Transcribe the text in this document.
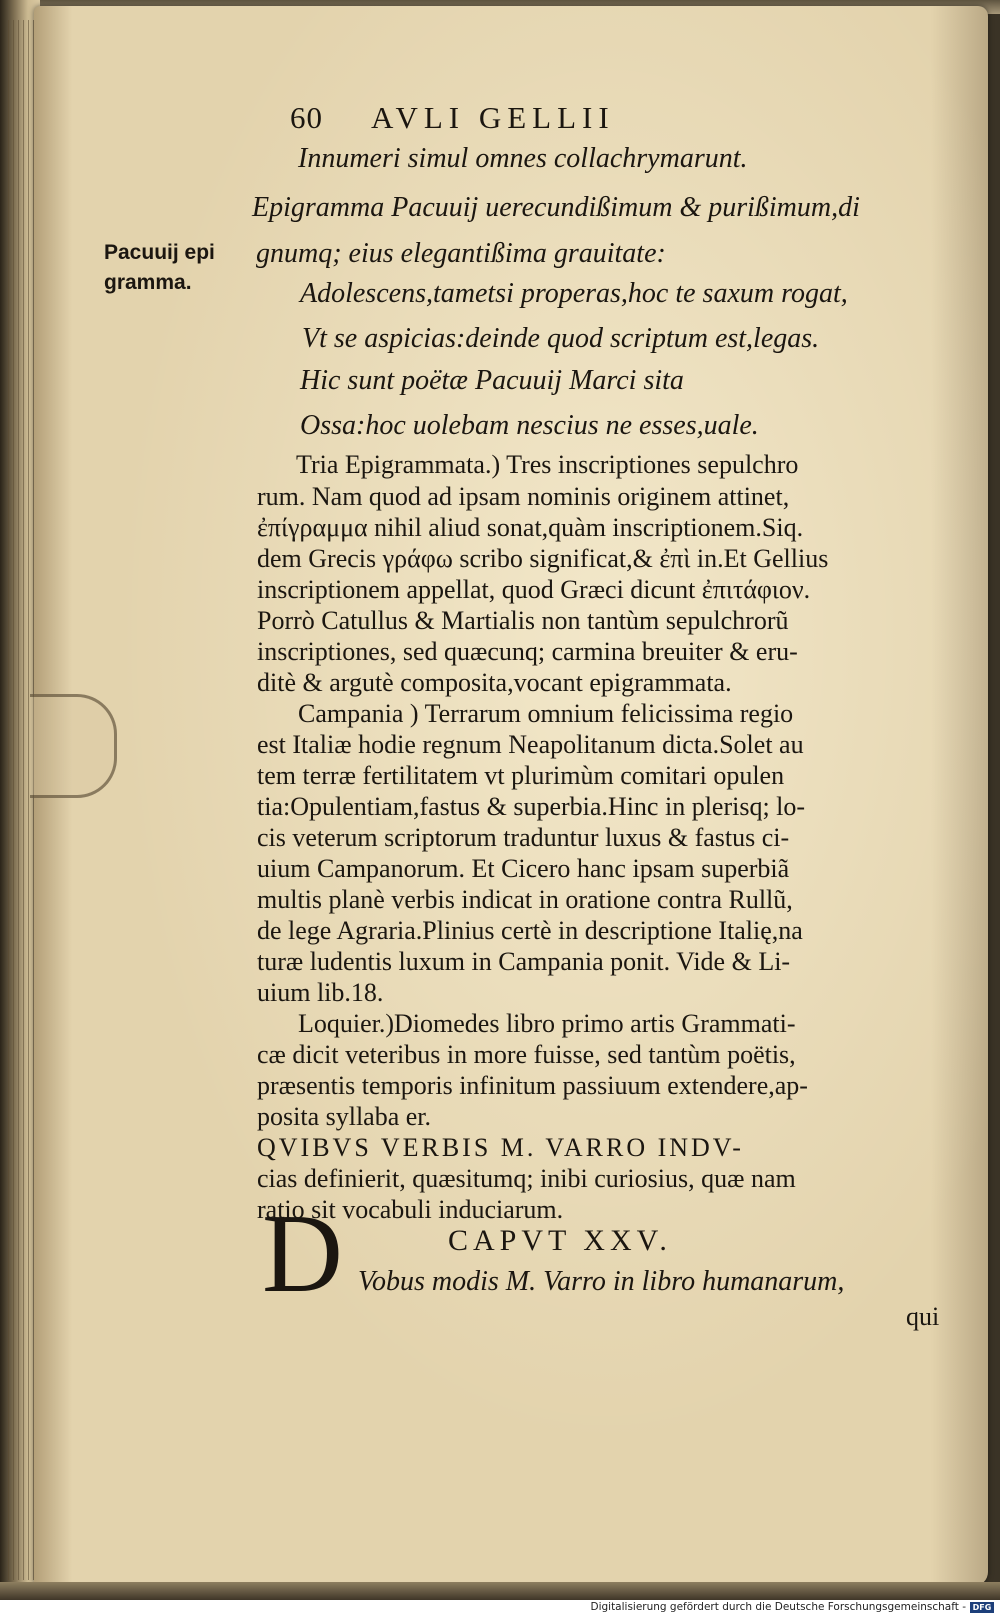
60 AVLI GELLII
Pacuuij epi
gramma.
Innumeri simul omnes collachrymarunt.
Epigramma Pacuuij uerecundißimum & purißimum,di
gnumq; eius elegantißima grauitate:
Adolescens,tametsi properas,hoc te saxum rogat,
Vt se aspicias:deinde quod scriptum est,legas.
Hic sunt poëtæ Pacuuij Marci sita
Ossa:hoc uolebam nescius ne esses,uale.
Tria Epigrammata.) Tres inscriptiones sepulchro
rum. Nam quod ad ipsam nominis originem attinet,
ἐπίγραμμα nihil aliud sonat,quàm inscriptionem.Siq.
dem Grecis γράφω scribo significat,& ἐπὶ in.Et Gellius
inscriptionem appellat, quod Græci dicunt ἐπιτάφιον.
Porrò Catullus & Martialis non tantùm sepulchrorũ
inscriptiones, sed quæcunq; carmina breuiter & eru-
ditè & argutè composita,vocant epigrammata.
Campania ) Terrarum omnium felicissima regio
est Italiæ hodie regnum Neapolitanum dicta.Solet au
tem terræ fertilitatem vt plurimùm comitari opulen
tia:Opulentiam,fastus & superbia.Hinc in plerisq; lo-
cis veterum scriptorum traduntur luxus & fastus ci-
uium Campanorum. Et Cicero hanc ipsam superbiã
multis planè verbis indicat in oratione contra Rullũ,
de lege Agraria.Plinius certè in descriptione Italię,na
turæ ludentis luxum in Campania ponit. Vide & Li-
uium lib.18.
Loquier.)Diomedes libro primo artis Grammati-
cæ dicit veteribus in more fuisse, sed tantùm poëtis,
præsentis temporis infinitum passiuum extendere,ap-
posita syllaba er.
QVIBVS VERBIS M. VARRO INDV-
cias definierit, quæsitumq; inibi curiosius, quæ nam
ratio sit vocabuli induciarum.
D	CAPVT XXV.
Vobus modis M. Varro in libro humanarum,
qui
Digitalisierung gefördert durch die Deutsche Forschungsgemeinschaft - DFG
